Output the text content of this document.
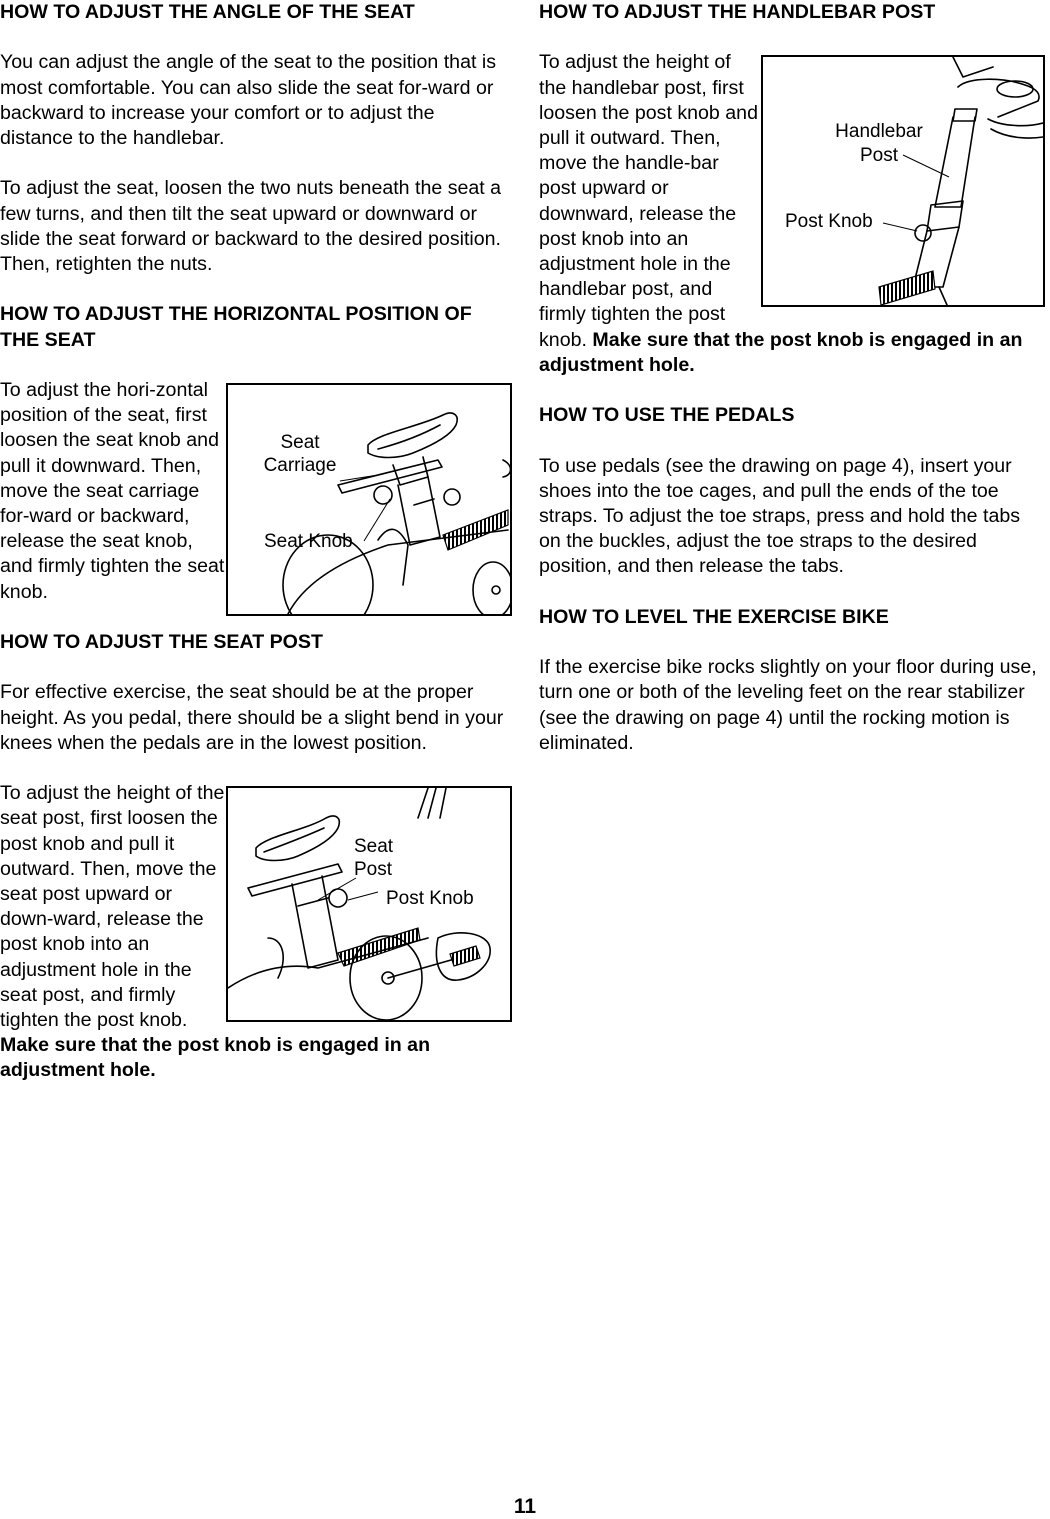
HOW TO ADJUST THE ANGLE OF THE SEAT

You can adjust the angle of the seat to the position that is most comfortable. You can also slide the seat for-ward or backward to increase your comfort or to adjust the distance to the handlebar.

To adjust the seat, loosen the two nuts beneath the seat a few turns, and then tilt the seat upward or downward or slide the seat forward or backward to the desired position. Then, retighten the nuts.

HOW TO ADJUST THE HORIZONTAL POSITION OF THE SEAT

Seat
Carriage
Seat Knob

To adjust the hori-zontal position of the seat, first loosen the seat knob and pull it downward. Then, move the seat carriage for-ward or backward, release the seat knob, and firmly tighten the seat knob.

HOW TO ADJUST THE SEAT POST

For effective exercise, the seat should be at the proper height. As you pedal, there should be a slight bend in your knees when the pedals are in the lowest position.

Seat
Post
Post Knob

To adjust the height of the seat post, first loosen the post knob and pull it outward. Then, move the seat post upward or down-ward, release the post knob into an adjustment hole in the seat post, and firmly tighten the post knob. Make sure that the post knob is engaged in an adjustment hole.

HOW TO ADJUST THE HANDLEBAR POST

Handlebar
Post
Post Knob

To adjust the height of the handlebar post, first loosen the post knob and pull it outward. Then, move the handle-bar post upward or downward, release the post knob into an adjustment hole in the handlebar post, and firmly tighten the post knob. Make sure that the post knob is engaged in an adjustment hole.

HOW TO USE THE PEDALS

To use pedals (see the drawing on page 4), insert your shoes into the toe cages, and pull the ends of the toe straps. To adjust the toe straps, press and hold the tabs on the buckles, adjust the toe straps to the desired position, and then release the tabs.

HOW TO LEVEL THE EXERCISE BIKE

If the exercise bike rocks slightly on your floor during use, turn one or both of the leveling feet on the rear stabilizer (see the drawing on page 4) until the rocking motion is eliminated.

11
